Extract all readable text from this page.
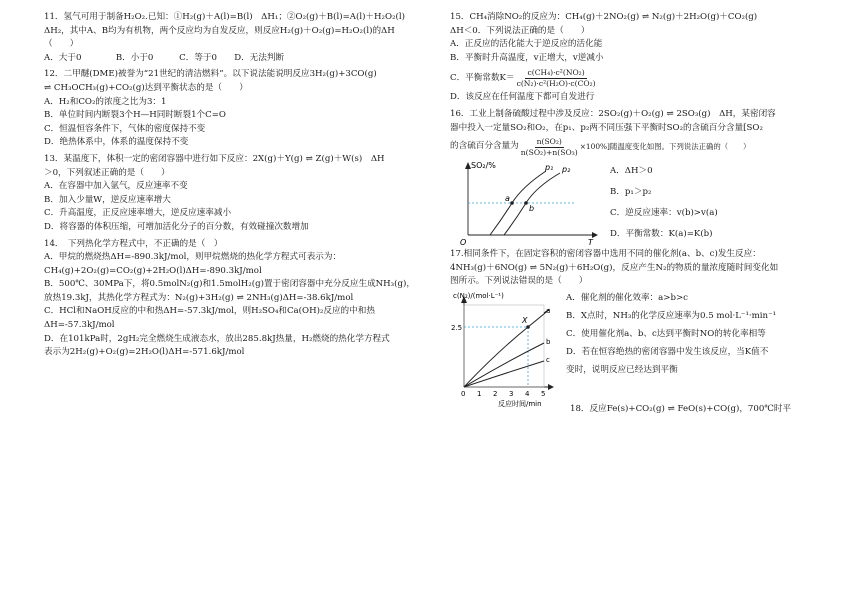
11．氢气可用于制备H₂O₂.已知：①H₂(g)＋A(l)=B(l)　ΔH₁；②O₂(g)＋B(l)=A(l)＋H₂O₂(l)
ΔH₂，其中A、B均为有机物，两个反应均为自发反应，则反应H₂(g)＋O₂(g)=H₂O₂(l)的ΔH
（　　）
A．大于0　　　　B．小于0　　　C．等于0　　D．无法判断
12．二甲醚(DME)被誉为“21世纪的清洁燃料”。以下说法能说明反应3H₂(g)+3CO(g)
⇌ CH₃OCH₃(g)+CO₂(g)达到平衡状态的是（　　）
A．H₂和CO₂的浓度之比为3：1
B．单位时间内断裂3个H—H同时断裂1个C=O
C．恒温恒容条件下，气体的密度保持不变
D．绝热体系中，体系的温度保持不变
13．某温度下，体积一定的密闭容器中进行如下反应：2X(g)＋Y(g) ⇌ Z(g)＋W(s)　ΔH
＞0，下列叙述正确的是（　　）
A．在容器中加入氩气，反应速率不变
B．加入少量W，逆反应速率增大
C．升高温度，正反应速率增大，逆反应速率减小
D．将容器的体积压缩，可增加活化分子的百分数，有效碰撞次数增加
14．　下列热化学方程式中，不正确的是（　）
A．甲烷的燃烧热ΔH=-890.3kJ/mol，则甲烷燃烧的热化学方程式可表示为：
CH₄(g)+2O₂(g)=CO₂(g)+2H₂O(l)ΔH=-890.3kJ/mol
B．500℃、30MPa下，将0.5molN₂(g)和1.5molH₂(g)置于密闭容器中充分反应生成NH₃(g)，
放热19.3kJ，其热化学方程式为：N₂(g)+3H₂(g) ⇌ 2NH₃(g)ΔH=-38.6kJ/mol
C．HCl和NaOH反应的中和热ΔH=-57.3kJ/mol，则H₂SO₄和Ca(OH)₂反应的中和热
ΔH=-57.3kJ/mol
D．在101kPa时，2gH₂完全燃烧生成液态水，放出285.8kJ热量，H₂燃烧的热化学方程式
表示为2H₂(g)+O₂(g)=2H₂O(l)ΔH=-571.6kJ/mol
15．CH₄消除NO₂的反应为：CH₄(g)＋2NO₂(g) ⇌ N₂(g)＋2H₂O(g)＋CO₂(g)
ΔH＜0．下列说法正确的是（　　）
A．正反应的活化能大于逆反应的活化能
B．平衡时升高温度，v正增大，v逆减小
C．平衡常数$K= \frac{\text{c(CH₄)·c²(NO₂)}}{\text{c(N₂)·c²(H₂O)·c(CO₂)}}$
D．该反应在任何温度下都可自发进行
16．工业上制备硫酸过程中涉及反应：2SO₂(g)＋O₂(g) ⇌ 2SO₃(g)　ΔH，某密闭容
器中投入一定量SO₂和O₂，在p₁、p₂两不同压强下平衡时SO₂的含硫百分含量[SO₂
的含硫百分含量为 $\frac{\text{n(SO₂)}}{\text{n(SO₂)+n(SO₃)}} \times 100\%$]随温度变化如图。下列说法正确的（　　）
SO₂/%
T
O
p₁ p₂
a
b
A．ΔH＞0
B．p₁＞p₂
C．逆反应速率：v(b)>v(a)
D．平衡常数：K(a)=K(b)
17.相同条件下，在固定容积的密闭容器中选用不同的催化剂(a、b、c)发生反应：
4NH₃(g)＋6NO(g) ⇌ 5N₂(g)＋6H₂O(g)，反应产生N₂的物质的量浓度随时间变化如
图所示。下列说法错误的是（　　）
c(N₂)/(mol·L⁻¹)
2.5
X
a
b
c
0 1 2 3 4 5
反应时间/min
A．催化剂的催化效率：a>b>c
B．X点时，NH₃的化学反应速率为0.5 mol·L⁻¹·min⁻¹
C．使用催化剂a、b、c达到平衡时NO的转化率相等
D．若在恒容绝热的密闭容器中发生该反应，当K值不
变时，说明反应已经达到平衡
18．反应Fe(s)+CO₂(g) ⇌ FeO(s)+CO(g)，700℃时平
